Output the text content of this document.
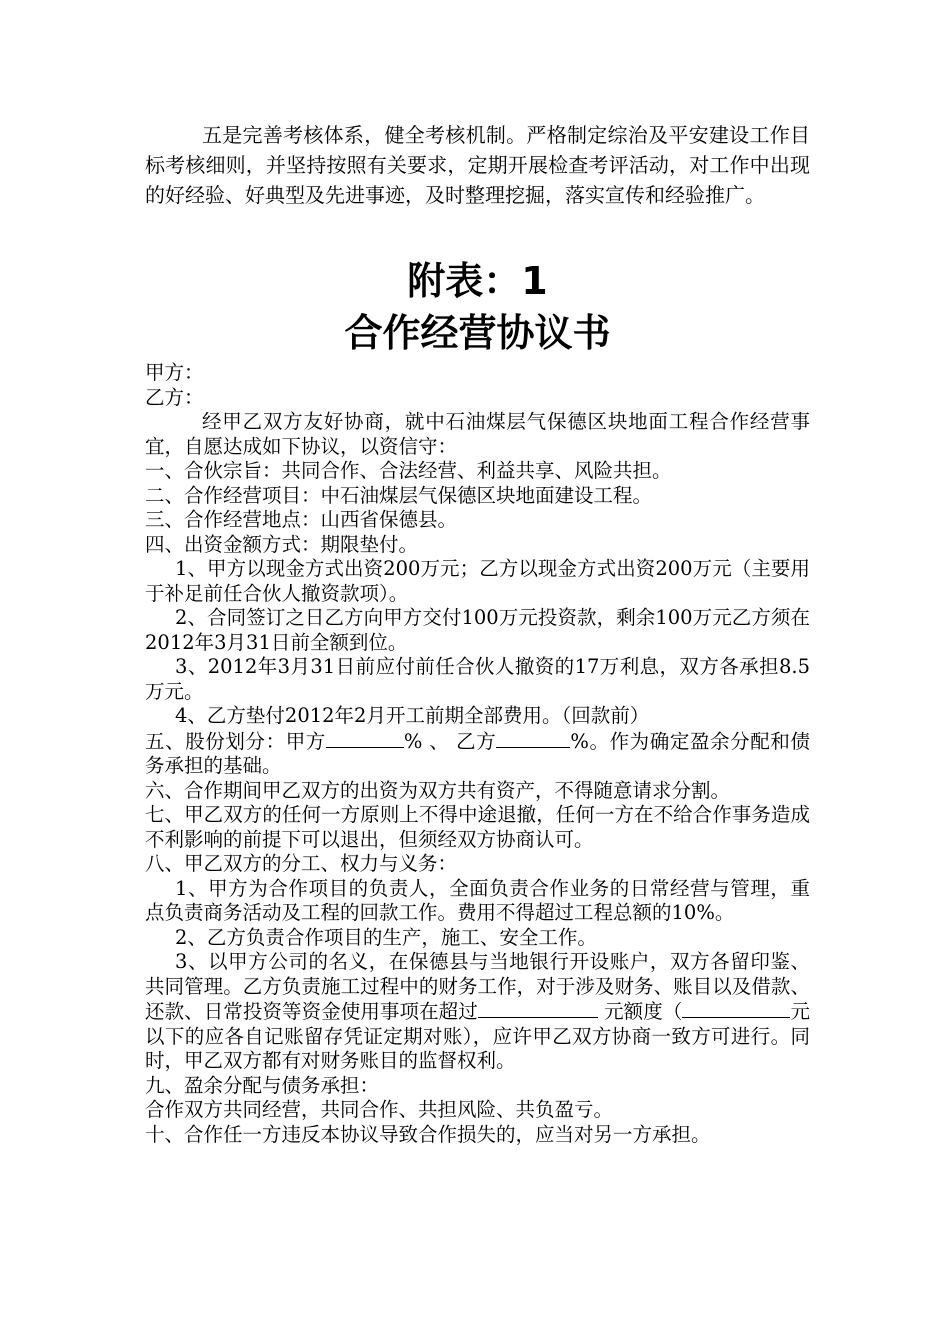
五是完善考核体系，健全考核机制。严格制定综治及平安建设工作目标考核细则，并坚持按照有关要求，定期开展检查考评活动，对工作中出现的好经验、好典型及先进事迹，及时整理挖掘，落实宣传和经验推广。

附表：1

合作经营协议书

甲方：

乙方：

经甲乙双方友好协商，就中石油煤层气保德区块地面工程合作经营事宜，自愿达成如下协议，以资信守：

一、合伙宗旨：共同合作、合法经营、利益共享、风险共担。

二、合作经营项目：中石油煤层气保德区块地面建设工程。

三、合作经营地点：山西省保德县。

四、出资金额方式：期限垫付。

1、甲方以现金方式出资200万元；乙方以现金方式出资200万元（主要用于补足前任合伙人撤资款项）。

2、合同签订之日乙方向甲方交付100万元投资款，剩余100万元乙方须在2012年3月31日前全额到位。

3、2012年3月31日前应付前任合伙人撤资的17万利息，双方各承担8.5万元。

4、乙方垫付2012年2月开工前期全部费用。（回款前）

五、股份划分：甲方	% 、 乙方	%。作为确定盈余分配和债务承担的基础。

六、合作期间甲乙双方的出资为双方共有资产，不得随意请求分割。

七、甲乙双方的任何一方原则上不得中途退撤，任何一方在不给合作事务造成不利影响的前提下可以退出，但须经双方协商认可。

八、甲乙双方的分工、权力与义务：

1、甲方为合作项目的负责人，全面负责合作业务的日常经营与管理，重点负责商务活动及工程的回款工作。费用不得超过工程总额的10%。

2、乙方负责合作项目的生产，施工、安全工作。

3、以甲方公司的名义，在保德县与当地银行开设账户，双方各留印鉴、共同管理。乙方负责施工过程中的财务工作，对于涉及财务、账目以及借款、还款、日常投资等资金使用事项在超过	元额度（	元以下的应各自记账留存凭证定期对账），应许甲乙双方协商一致方可进行。同时，甲乙双方都有对财务账目的监督权利。

九、盈余分配与债务承担：

合作双方共同经营，共同合作、共担风险、共负盈亏。

十、合作任一方违反本协议导致合作损失的，应当对另一方承担。
